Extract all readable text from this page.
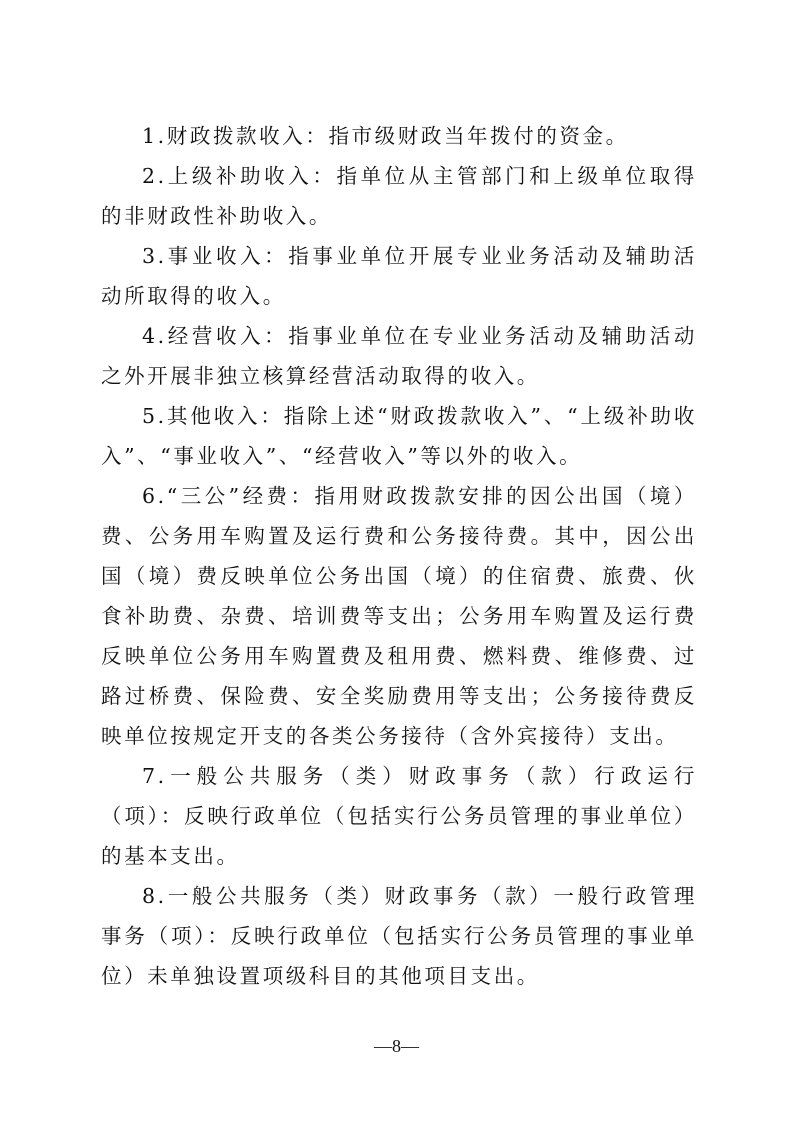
1.财政拨款收入：指市级财政当年拨付的资金。

2.上级补助收入：指单位从主管部门和上级单位取得的非财政性补助收入。

3.事业收入：指事业单位开展专业业务活动及辅助活动所取得的收入。

4.经营收入：指事业单位在专业业务活动及辅助活动之外开展非独立核算经营活动取得的收入。

5.其他收入：指除上述“财政拨款收入”、“上级补助收入”、“事业收入”、“经营收入”等以外的收入。

6.“三公”经费：指用财政拨款安排的因公出国（境）费、公务用车购置及运行费和公务接待费。其中，因公出国（境）费反映单位公务出国（境）的住宿费、旅费、伙食补助费、杂费、培训费等支出；公务用车购置及运行费反映单位公务用车购置费及租用费、燃料费、维修费、过路过桥费、保险费、安全奖励费用等支出；公务接待费反映单位按规定开支的各类公务接待（含外宾接待）支出。

7.一般公共服务（类）财政事务（款）行政运行（项）：反映行政单位（包括实行公务员管理的事业单位）的基本支出。

8.一般公共服务（类）财政事务（款）一般行政管理事务（项）：反映行政单位（包括实行公务员管理的事业单位）未单独设置项级科目的其他项目支出。

—8—
